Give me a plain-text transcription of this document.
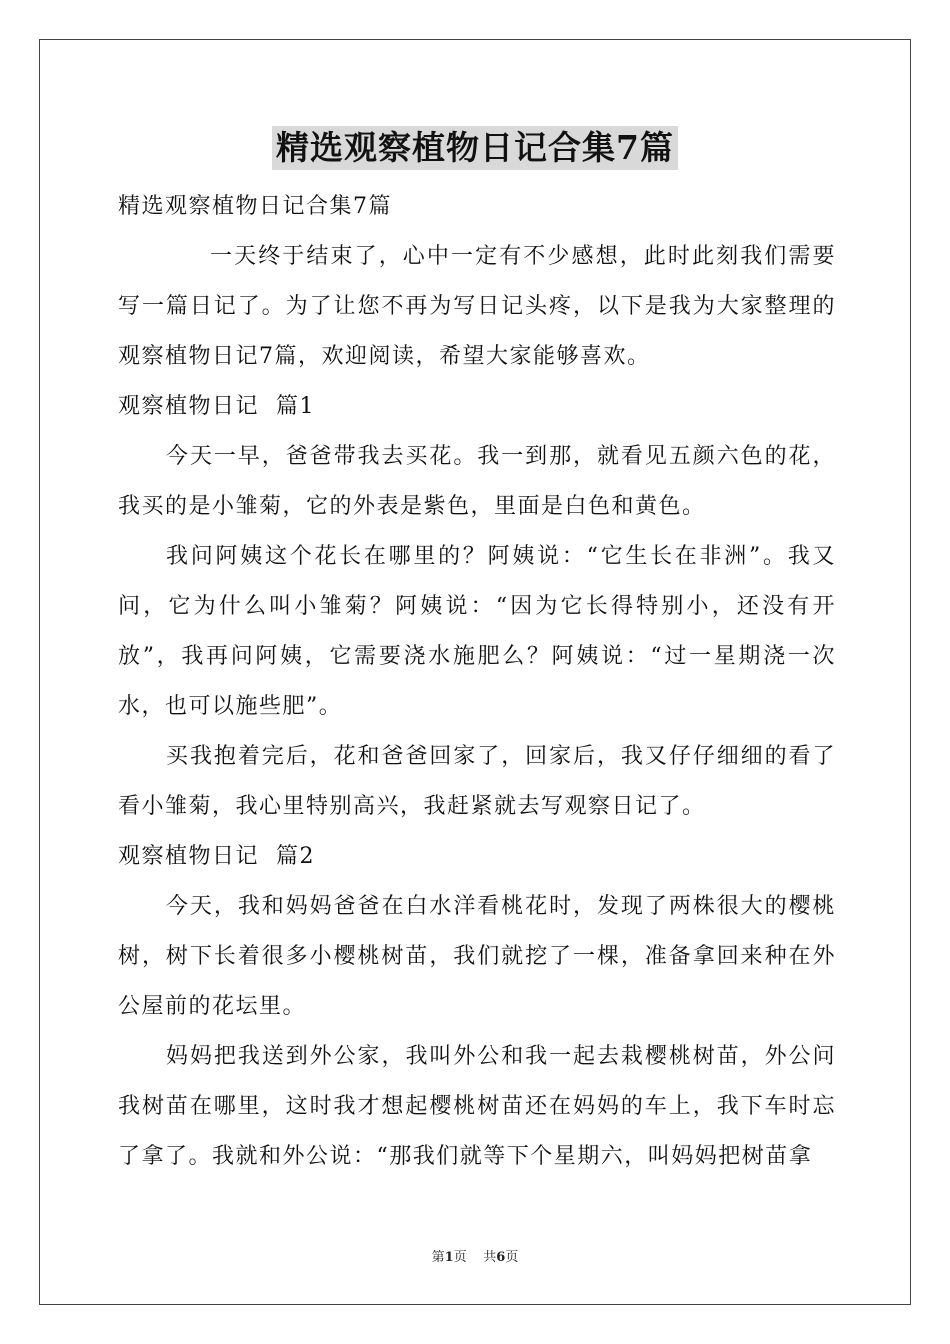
精选观察植物日记合集7篇
精选观察植物日记合集7篇

一天终于结束了，心中一定有不少感想，此时此刻我们需要写一篇日记了。为了让您不再为写日记头疼，以下是我为大家整理的观察植物日记7篇，欢迎阅读，希望大家能够喜欢。

观察植物日记  篇1

今天一早，爸爸带我去买花。我一到那，就看见五颜六色的花，我买的是小雏菊，它的外表是紫色，里面是白色和黄色。

我问阿姨这个花长在哪里的？阿姨说：“它生长在非洲”。我又问，它为什么叫小雏菊？阿姨说：“因为它长得特别小，还没有开放”，我再问阿姨，它需要浇水施肥么？阿姨说：“过一星期浇一次水，也可以施些肥”。

买我抱着完后，花和爸爸回家了，回家后，我又仔仔细细的看了看小雏菊，我心里特别高兴，我赶紧就去写观察日记了。

观察植物日记  篇2

今天，我和妈妈爸爸在白水洋看桃花时，发现了两株很大的樱桃树，树下长着很多小樱桃树苗，我们就挖了一棵，准备拿回来种在外公屋前的花坛里。

妈妈把我送到外公家，我叫外公和我一起去栽樱桃树苗，外公问我树苗在哪里，这时我才想起樱桃树苗还在妈妈的车上，我下车时忘了拿了。我就和外公说：“那我们就等下个星期六，叫妈妈把树苗拿

第1页 共6页
